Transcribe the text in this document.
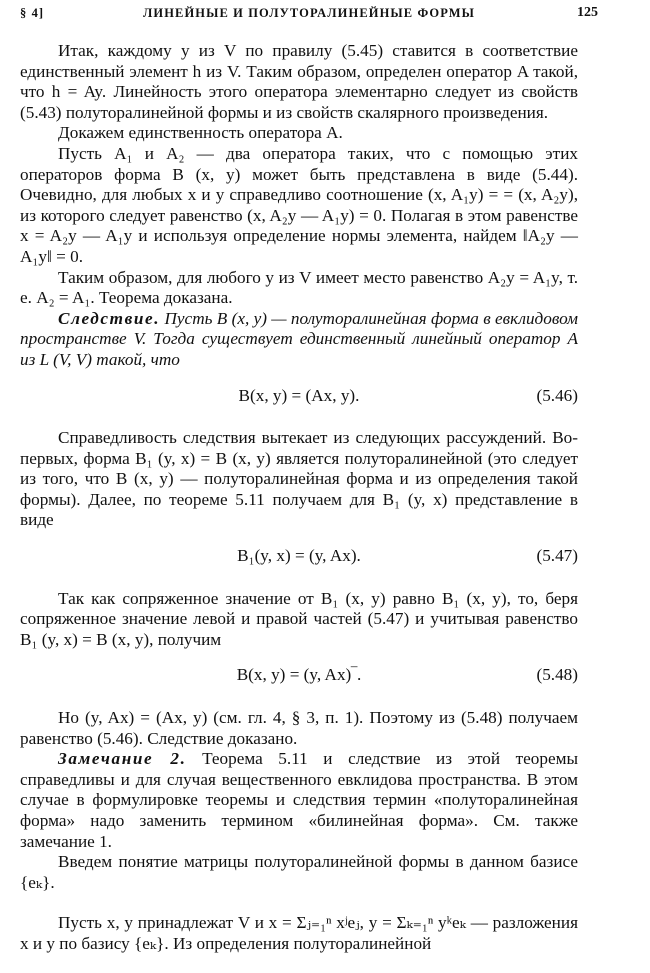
§ 4]	ЛИНЕЙНЫЕ И ПОЛУТОРАЛИНЕЙНЫЕ ФОРМЫ	125

Итак, каждому y из V по правилу (5.45) ставится в соответствие единственный элемент h из V. Таким образом, определен оператор A такой, что h = Ay. Линейность этого оператора элементарно следует из свойств (5.43) полуторалинейной формы и из свойств скалярного произведения.

Докажем единственность оператора A.

Пусть A₁ и A₂ — два оператора таких, что с помощью этих операторов форма B (x, y) может быть представлена в виде (5.44). Очевидно, для любых x и y справедливо соотношение (x, A₁y) = = (x, A₂y), из которого следует равенство (x, A₂y — A₁y) = 0. Полагая в этом равенстве x = A₂y — A₁y и используя определение нормы элемента, найдем ‖A₂y — A₁y‖ = 0.

Таким образом, для любого y из V имеет место равенство A₂y = A₁y, т. е. A₂ = A₁. Теорема доказана.

Следствие. Пусть B (x, y) — полуторалинейная форма в евклидовом пространстве V. Тогда существует единственный линейный оператор A из L (V, V) такой, что

B(x, y) = (Ax, y).	(5.46)

Справедливость следствия вытекает из следующих рассуждений. Во-первых, форма B₁ (y, x) = B (x, y) является полуторалинейной (это следует из того, что B (x, y) — полуторалинейная форма и из определения такой формы). Далее, по теореме 5.11 получаем для B₁ (y, x) представление в виде

B₁(y, x) = (y, Ax).	(5.47)

Так как сопряженное значение от B₁ (x, y) равно B₁ (x, y), то, беря сопряженное значение левой и правой частей (5.47) и учитывая равенство B₁ (y, x) = B (x, y), получим

B(x, y) = (y, Ax)‾.	(5.48)

Но (y, Ax) = (Ax, y) (см. гл. 4, § 3, п. 1). Поэтому из (5.48) получаем равенство (5.46). Следствие доказано.

Замечание 2. Теорема 5.11 и следствие из этой теоремы справедливы и для случая вещественного евклидова пространства. В этом случае в формулировке теоремы и следствия термин «полуторалинейная форма» надо заменить термином «билинейная форма». См. также замечание 1.

Введем понятие матрицы полуторалинейной формы в данном базисе {eₖ}.

Пусть x, y принадлежат V и x = Σⱼ₌₁ⁿ xʲeⱼ, y = Σₖ₌₁ⁿ yᵏeₖ — разложения x и y по базису {eₖ}. Из определения полуторалинейной
